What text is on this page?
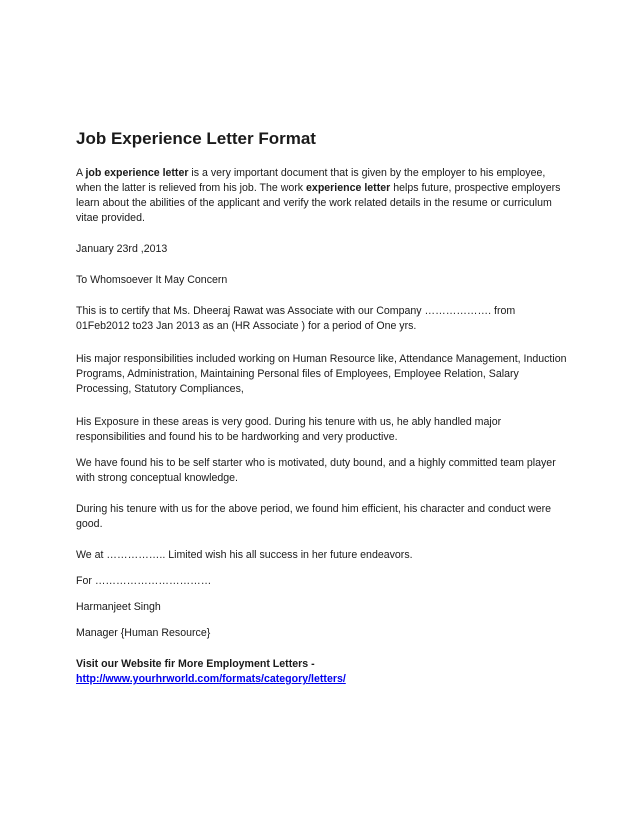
Job Experience Letter Format

A job experience letter is a very important document that is given by the employer to his employee, when the latter is relieved from his job. The work experience letter helps future, prospective employers learn about the abilities of the applicant and verify the work related details in the resume or curriculum vitae provided.

January 23rd ,2013

To Whomsoever It May Concern

This is to certify that Ms. Dheeraj Rawat was Associate with our Company ………………. from 01Feb2012 to23 Jan 2013 as an (HR Associate ) for a period of One yrs.

His major responsibilities included working on Human Resource like, Attendance Management, Induction Programs, Administration, Maintaining Personal files of Employees, Employee Relation, Salary Processing, Statutory Compliances,

His Exposure in these areas is very good. During his tenure with us, he ably handled major responsibilities and found his to be hardworking and very productive.

We have found his to be self starter who is motivated, duty bound, and a highly committed team player with strong conceptual knowledge.

During his tenure with us for the above period, we found him efficient, his character and conduct were good.

We at …………….. Limited wish his all success in her future endeavors.

For ……………………………

Harmanjeet Singh

Manager {Human Resource}

Visit our Website fir More Employment Letters -

http://www.yourhrworld.com/formats/category/letters/
